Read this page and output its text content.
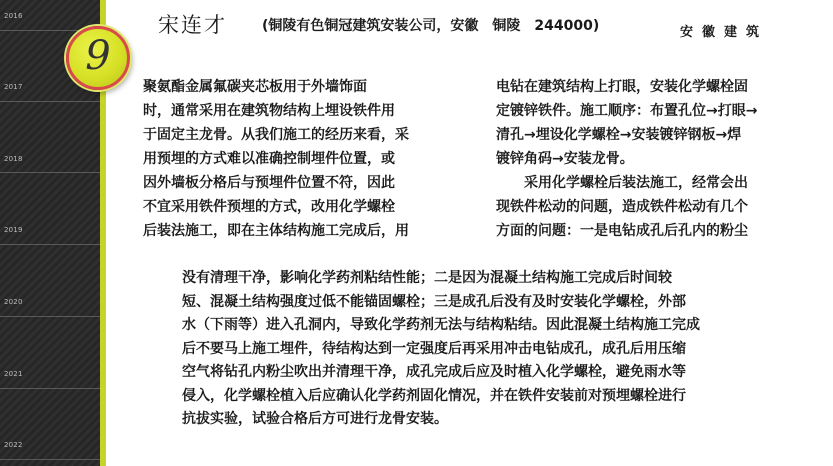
2016
2017
2018
2019
2020
2021
2022
9
宋连才	(铜陵有色铜冠建筑安装公司，安徽　铜陵　244000)	安徽建筑
聚氨酯金属氟碳夹芯板用于外墙饰面
时，通常采用在建筑物结构上埋设铁件用
于固定主龙骨。从我们施工的经历来看，采
用预埋的方式难以准确控制埋件位置，或
因外墙板分格后与预埋件位置不符，因此
不宜采用铁件预埋的方式，改用化学螺栓
后装法施工，即在主体结构施工完成后，用
电钻在建筑结构上打眼，安装化学螺栓固
定镀锌铁件。施工顺序：布置孔位→打眼→
清孔→埋设化学螺栓→安装镀锌钢板→焊
镀锌角码→安装龙骨。
　　采用化学螺栓后装法施工，经常会出
现铁件松动的问题，造成铁件松动有几个
方面的问题：一是电钻成孔后孔内的粉尘
没有清理干净，影响化学药剂粘结性能；二是因为混凝土结构施工完成后时间较
短、混凝土结构强度过低不能锚固螺栓；三是成孔后没有及时安装化学螺栓，外部
水（下雨等）进入孔洞内，导致化学药剂无法与结构粘结。因此混凝土结构施工完成
后不要马上施工埋件，待结构达到一定强度后再采用冲击电钻成孔，成孔后用压缩
空气将钻孔内粉尘吹出并清理干净，成孔完成后应及时植入化学螺栓，避免雨水等
侵入，化学螺栓植入后应确认化学药剂固化情况，并在铁件安装前对预埋螺栓进行
抗拔实验，试验合格后方可进行龙骨安装。
